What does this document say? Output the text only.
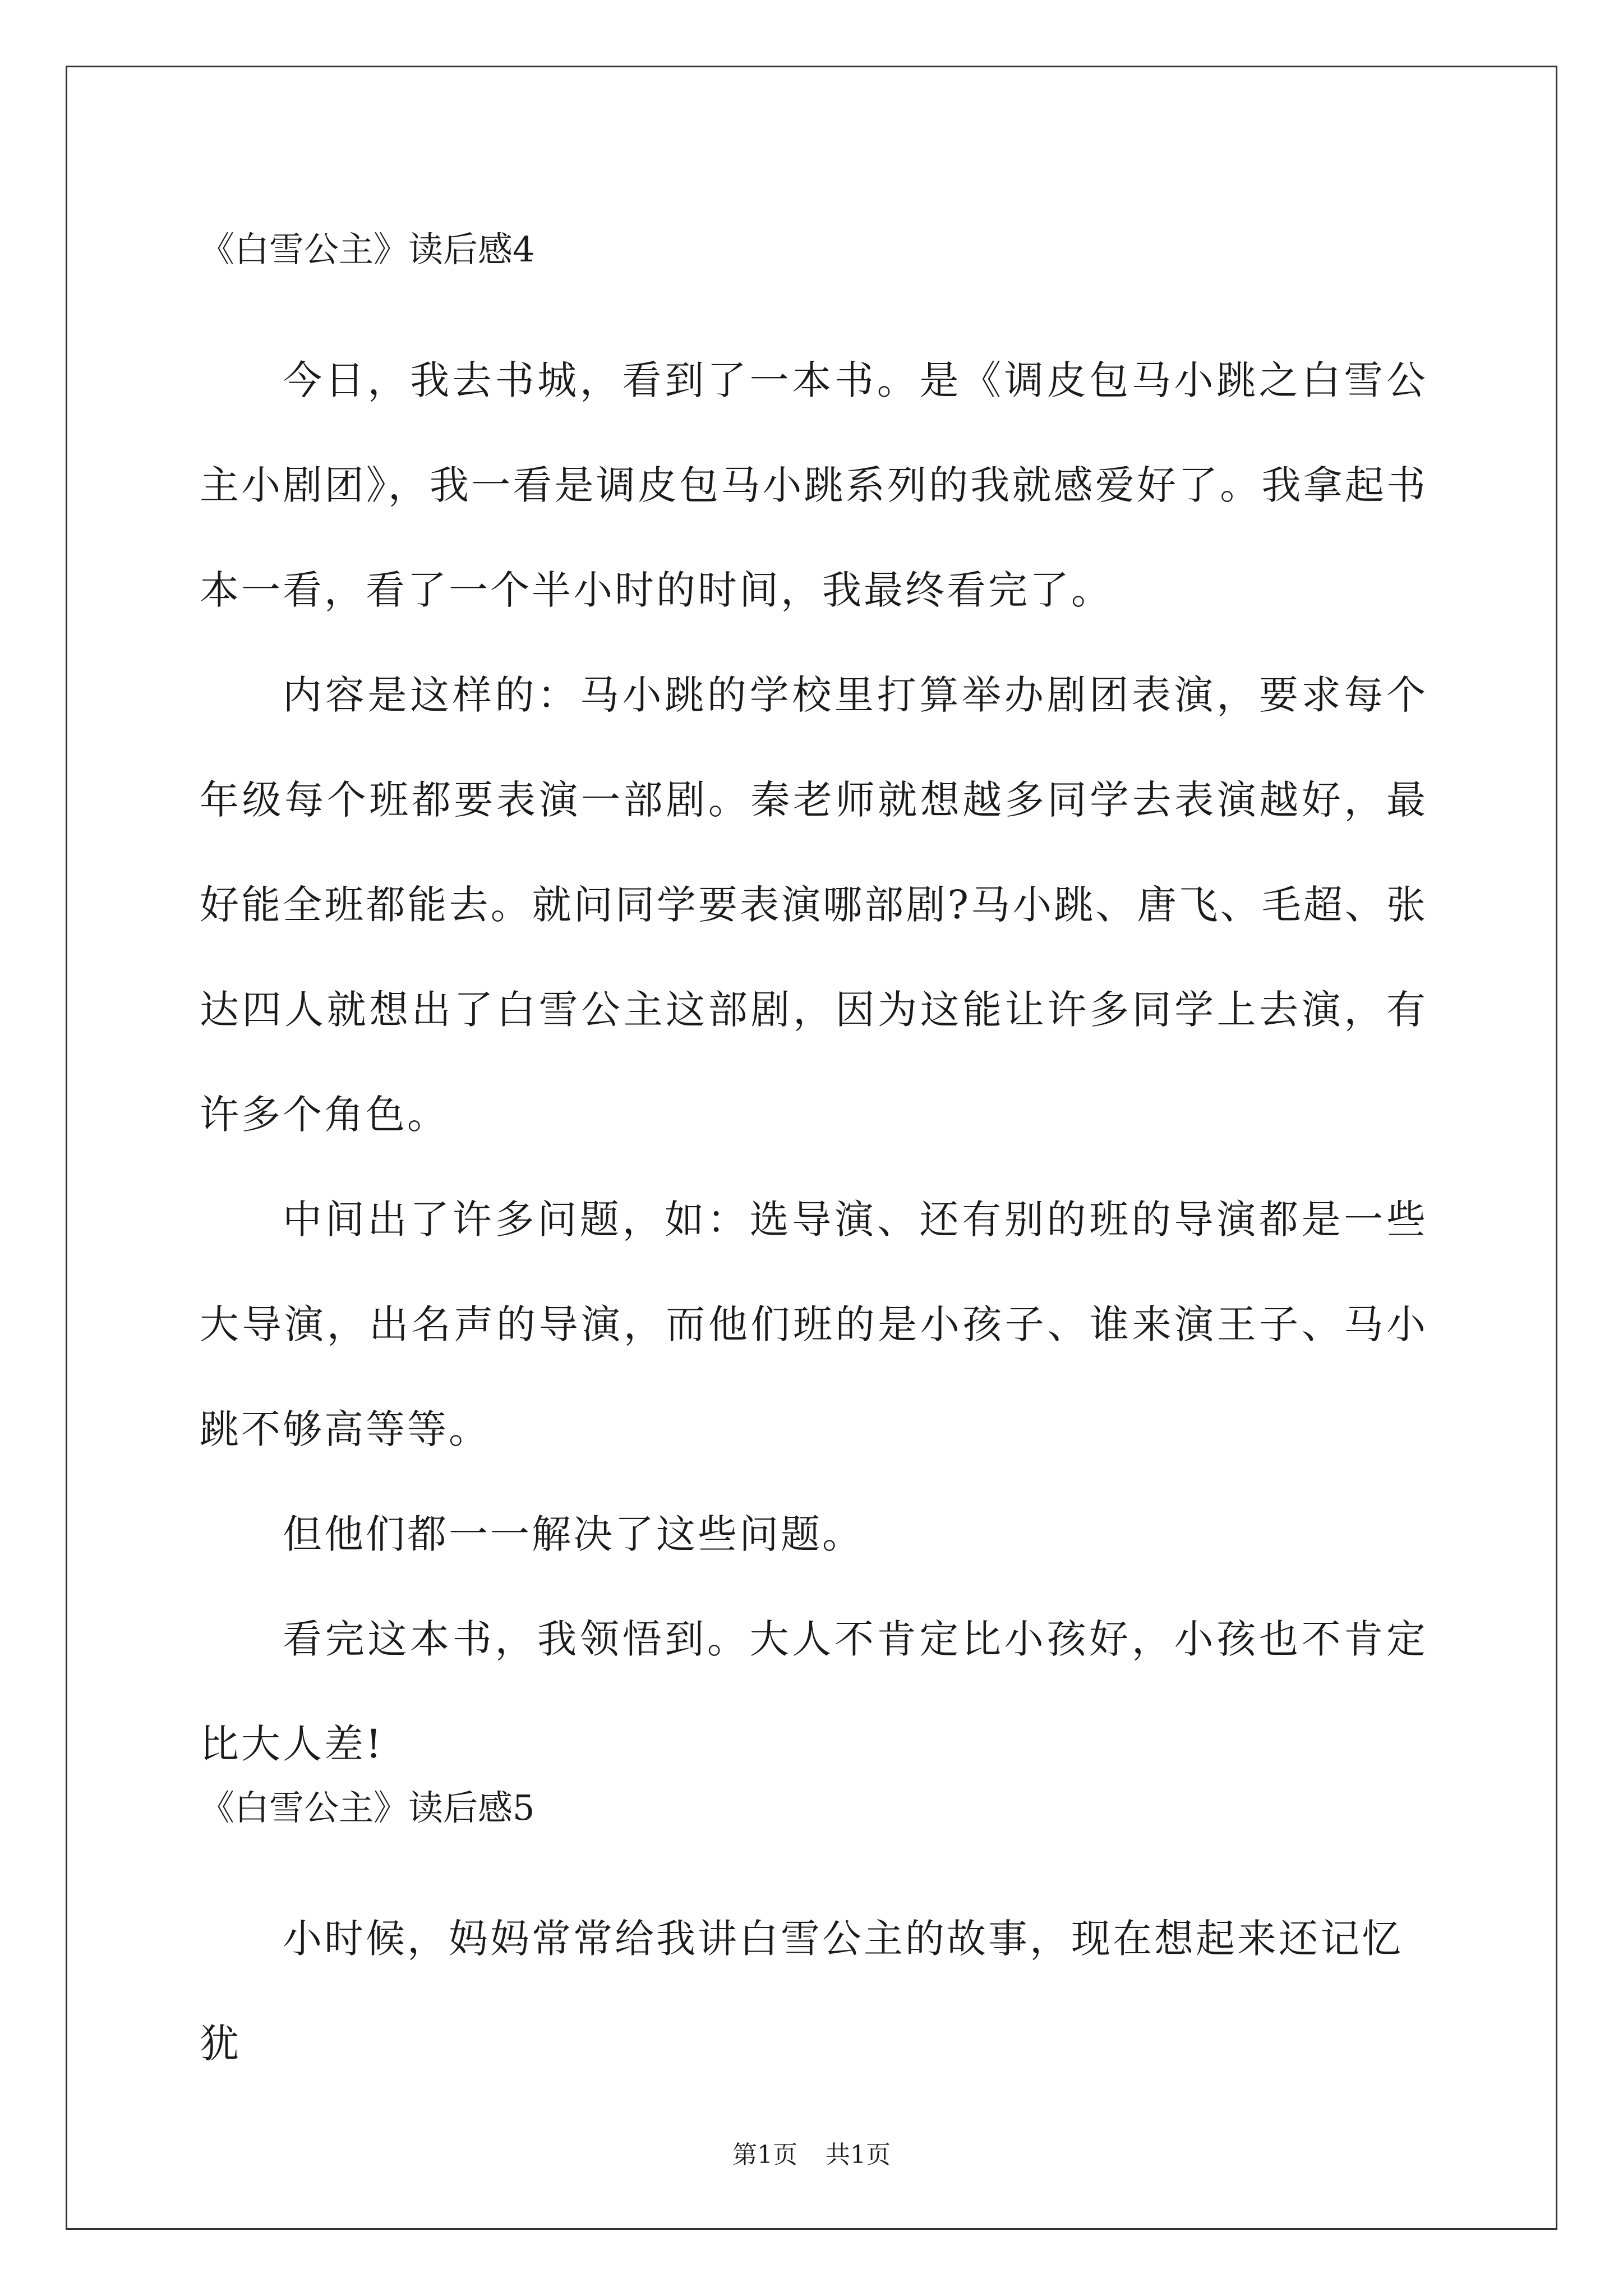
《白雪公主》读后感4

今日，我去书城，看到了一本书。是《调皮包马小跳之白雪公主小剧团》，我一看是调皮包马小跳系列的我就感爱好了。我拿起书本一看，看了一个半小时的时间，我最终看完了。

内容是这样的：马小跳的学校里打算举办剧团表演，要求每个年级每个班都要表演一部剧。秦老师就想越多同学去表演越好，最好能全班都能去。就问同学要表演哪部剧?马小跳、唐飞、毛超、张达四人就想出了白雪公主这部剧，因为这能让许多同学上去演，有许多个角色。

中间出了许多问题，如：选导演、还有别的班的导演都是一些大导演，出名声的导演，而他们班的是小孩子、谁来演王子、马小跳不够高等等。

但他们都一一解决了这些问题。

看完这本书，我领悟到。大人不肯定比小孩好，小孩也不肯定比大人差!

《白雪公主》读后感5

小时候，妈妈常常给我讲白雪公主的故事，现在想起来还记忆犹

第1页 共1页
